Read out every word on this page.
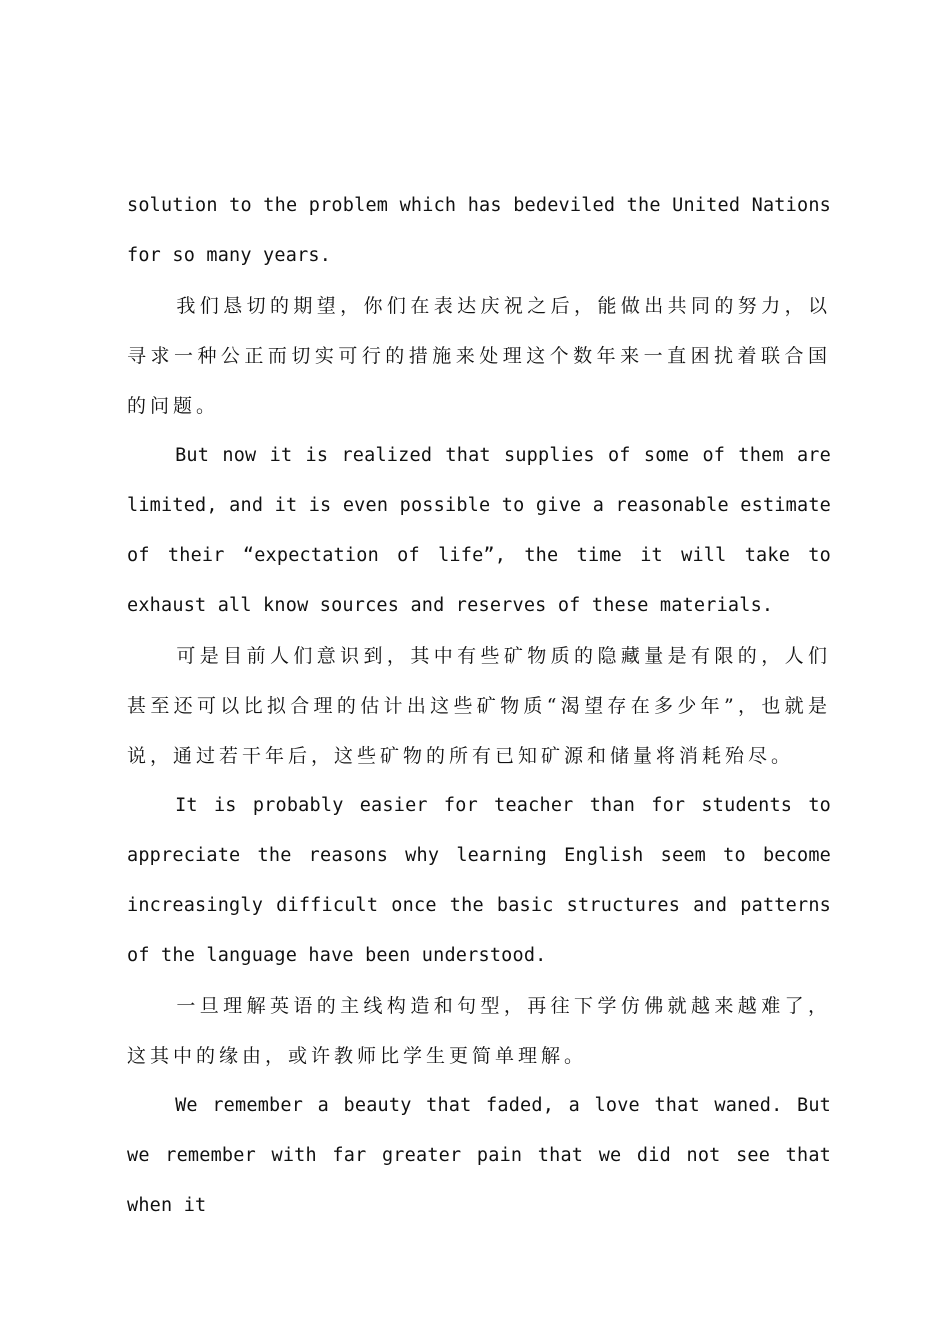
solution to the problem which has bedeviled the United Nations for so many years.

我们恳切的期望，你们在表达庆祝之后，能做出共同的努力，以寻求一种公正而切实可行的措施来处理这个数年来一直困扰着联合国的问题。

But now it is realized that supplies of some of them are limited, and it is even possible to give a reasonable estimate of their “expectation of life”, the time it will take to exhaust all know sources and reserves of these materials.

可是目前人们意识到，其中有些矿物质的隐藏量是有限的，人们甚至还可以比拟合理的估计出这些矿物质“渴望存在多少年”，也就是说，通过若干年后，这些矿物的所有已知矿源和储量将消耗殆尽。

It is probably easier for teacher than for students to appreciate the reasons why learning English seem to become increasingly difficult once the basic structures and patterns of the language have been understood.

一旦理解英语的主线构造和句型，再往下学仿佛就越来越难了，这其中的缘由，或许教师比学生更简单理解。

We remember a beauty that faded, a love that waned. But we remember with far greater pain that we did not see that when it
